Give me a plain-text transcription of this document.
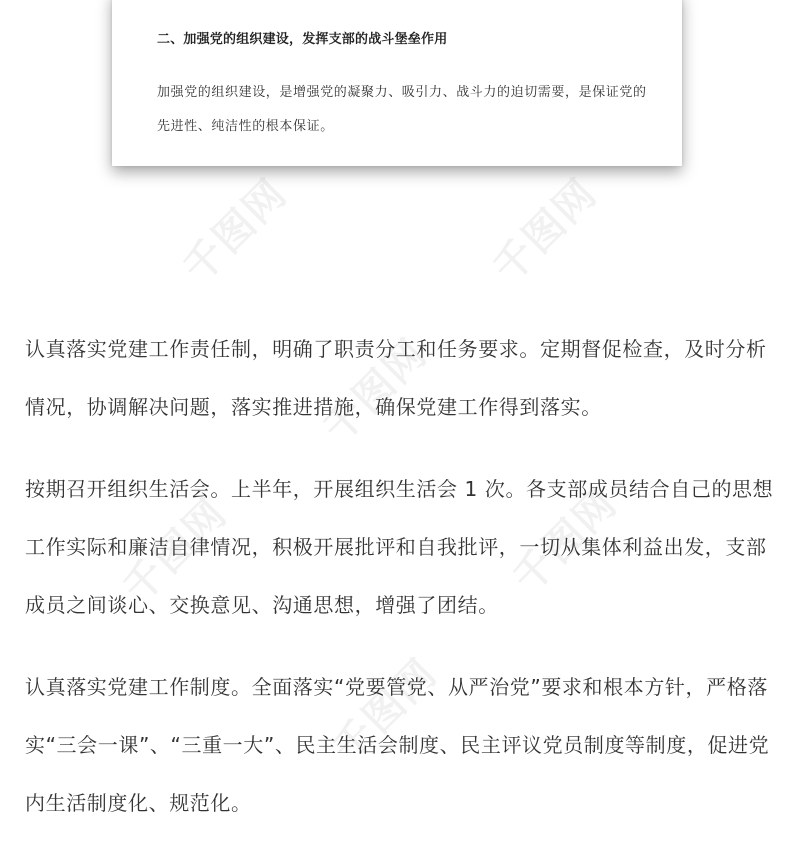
千图网	千图网
千图网
千图网	千图网
千图网

二、加强党的组织建设，发挥支部的战斗堡垒作用

加强党的组织建设，是增强党的凝聚力、吸引力、战斗力的迫切需要，是保证党的先进性、纯洁性的根本保证。

认真落实党建工作责任制，明确了职责分工和任务要求。定期督促检查，及时分析情况，协调解决问题，落实推进措施，确保党建工作得到落实。

按期召开组织生活会。上半年，开展组织生活会 1 次。各支部成员结合自己的思想工作实际和廉洁自律情况，积极开展批评和自我批评，一切从集体利益出发，支部成员之间谈心、交换意见、沟通思想，增强了团结。

认真落实党建工作制度。全面落实“党要管党、从严治党”要求和根本方针，严格落实“三会一课”、“三重一大”、民主生活会制度、民主评议党员制度等制度，促进党内生活制度化、规范化。
